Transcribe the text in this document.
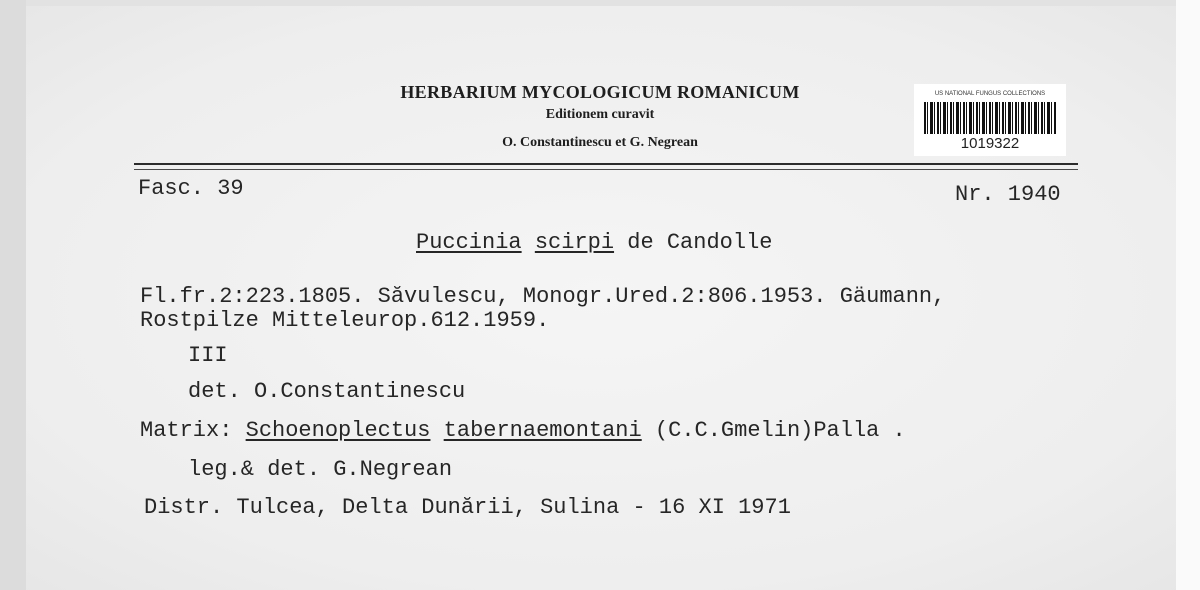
HERBARIUM MYCOLOGICUM ROMANICUM
Editionem curavit
O. Constantinescu et G. Negrean
US NATIONAL FUNGUS COLLECTIONS
1019322
Fasc. 39	Nr. 1940
Puccinia scirpi de Candolle
Fl.fr.2:223.1805. Săvulescu, Monogr.Ured.2:806.1953. Gäumann,
Rostpilze Mitteleurop.612.1959.
III
det. O.Constantinescu
Matrix: Schoenoplectus tabernaemontani (C.C.Gmelin)Palla .
leg.& det. G.Negrean
Distr. Tulcea, Delta Dunării, Sulina - 16 XI 1971
